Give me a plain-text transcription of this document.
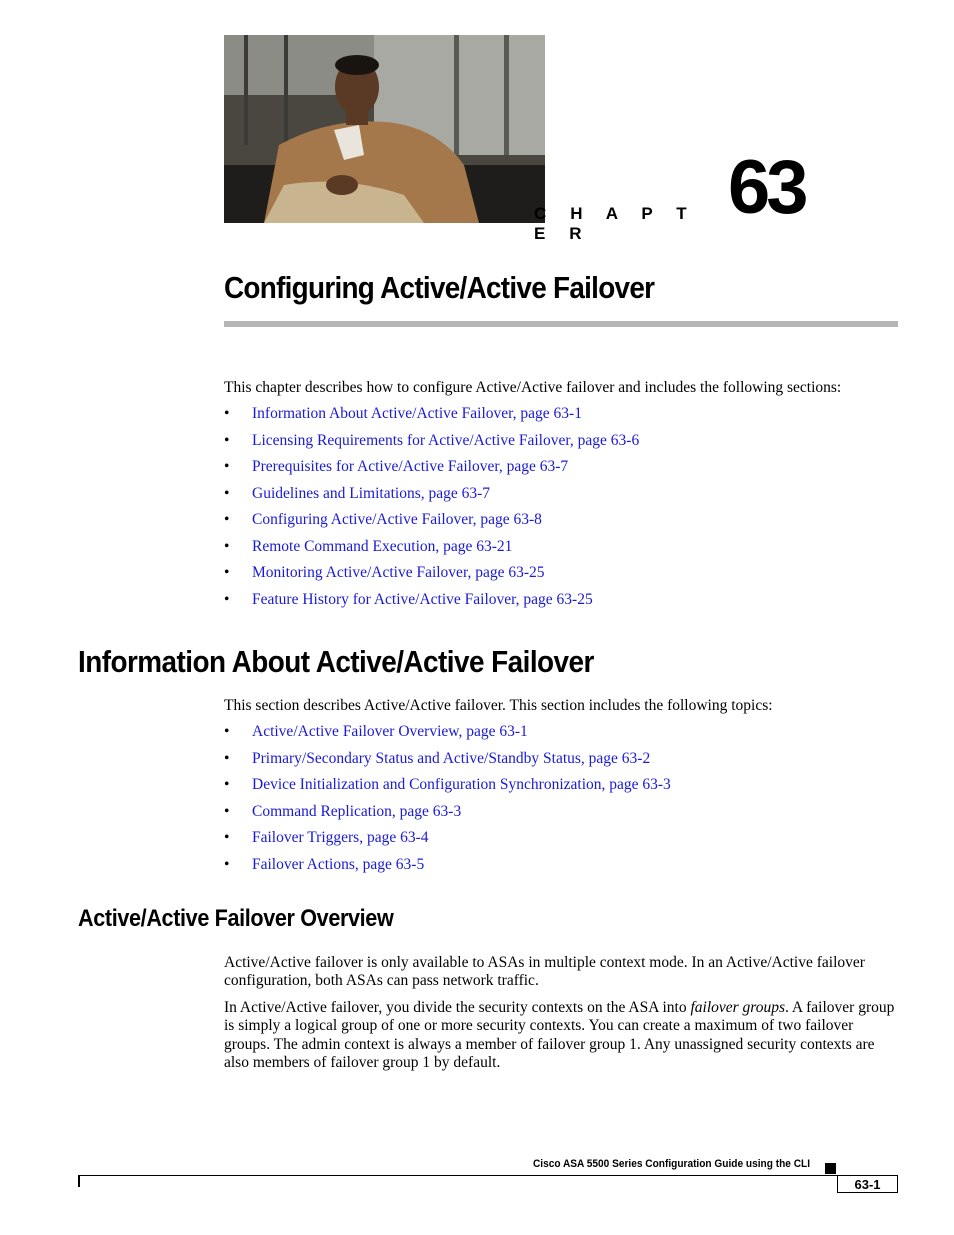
C H A P T E R
63
Configuring Active/Active Failover

This chapter describes how to configure Active/Active failover and includes the following sections:

•Information About Active/Active Failover, page 63-1
•Licensing Requirements for Active/Active Failover, page 63-6
•Prerequisites for Active/Active Failover, page 63-7
•Guidelines and Limitations, page 63-7
•Configuring Active/Active Failover, page 63-8
•Remote Command Execution, page 63-21
•Monitoring Active/Active Failover, page 63-25
•Feature History for Active/Active Failover, page 63-25
Information About Active/Active Failover

This section describes Active/Active failover. This section includes the following topics:

•Active/Active Failover Overview, page 63-1
•Primary/Secondary Status and Active/Standby Status, page 63-2
•Device Initialization and Configuration Synchronization, page 63-3
•Command Replication, page 63-3
•Failover Triggers, page 63-4
•Failover Actions, page 63-5
Active/Active Failover Overview

Active/Active failover is only available to ASAs in multiple context mode. In an Active/Active failover configuration, both ASAs can pass network traffic.

In Active/Active failover, you divide the security contexts on the ASA into failover groups. A failover group is simply a logical group of one or more security contexts. You can create a maximum of two failover groups. The admin context is always a member of failover group 1. Any unassigned security contexts are also members of failover group 1 by default.

Cisco ASA 5500 Series Configuration Guide using the CLI
63-1
